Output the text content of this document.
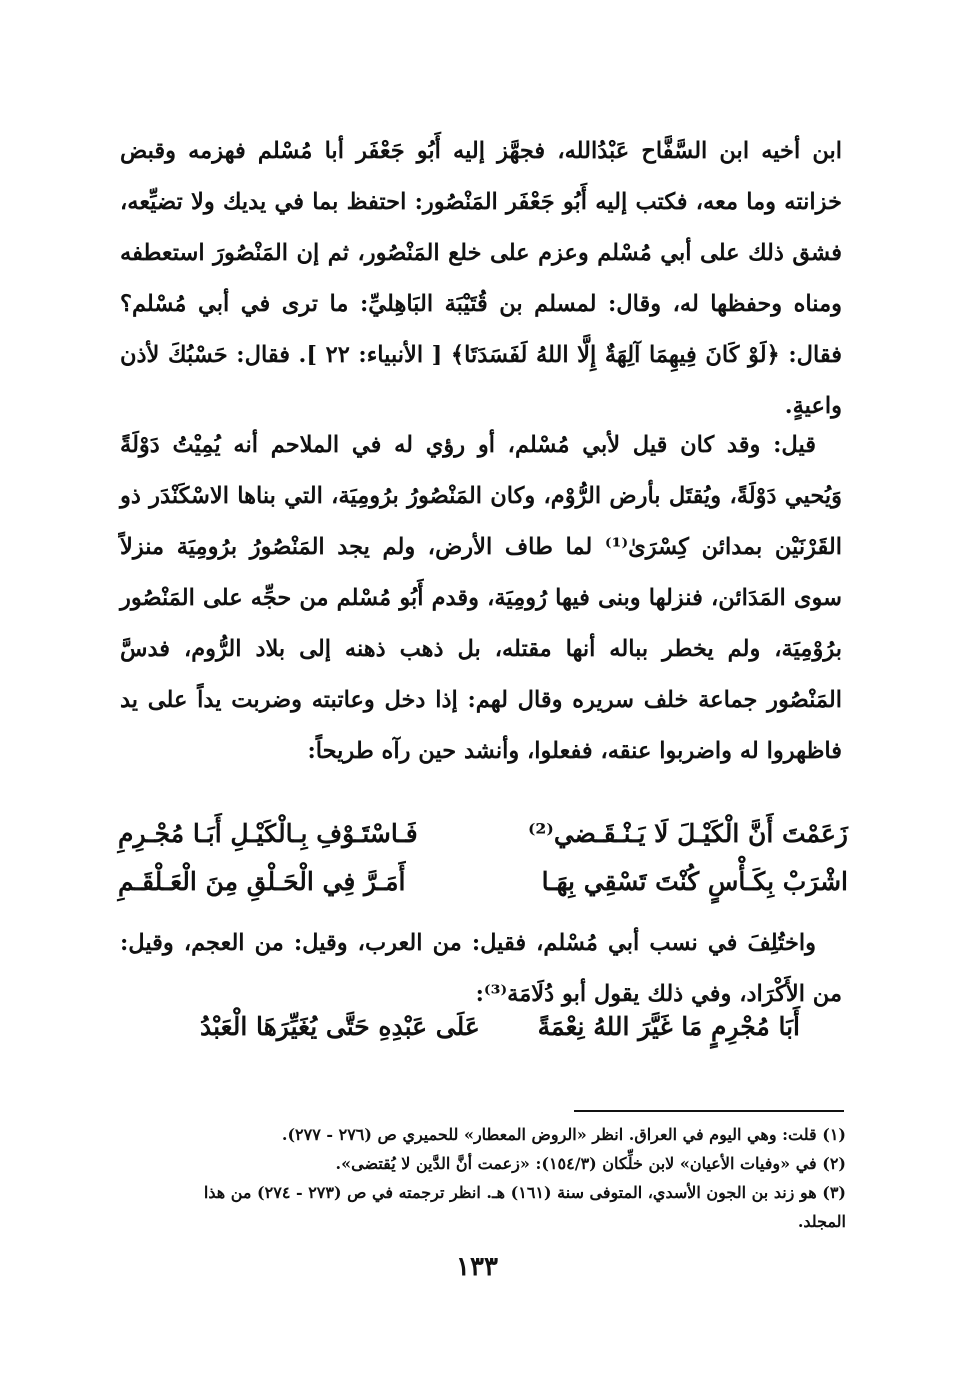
ابن أخيه ابن السَّفَّاح عَبْدُالله، فجهَّز إليه أَبُو جَعْفَر أبا مُسْلم فهزمه وقبض خزانته وما معه، فكتب إليه أَبُو جَعْفَر المَنْصُور: احتفظ بما في يديك ولا تضيِّعه، فشق ذلك على أبي مُسْلم وعزم على خلع المَنْصُور، ثم إن المَنْصُورَ استعطفه ومناه وحفظها له، وقال: لمسلم بن قُتَيْبَة البَاهِليِّ: ما ترى في أبي مُسْلم؟ فقال: ﴿لَوْ كَانَ فِيهِمَا آلِهَةٌ إِلَّا اللهُ لَفَسَدَتَا﴾ [ الأنبياء: ٢٢ ]. فقال: حَسْبُكَ لأذن واعيةٍ.
قيل: وقد كان قيل لأبي مُسْلم، أو رؤي له في الملاحم أنه يُمِيْتُ دَوْلَةً وَيُحيي دَوْلَةً، ويُقتَل بأرض الرُّوْم، وكان المَنْصُورُ برُومِيَة، التي بناها الاسْكَنْدَر ذو القَرْنَيْن بمدائن كِسْرَىٰ⁽¹⁾ لما طاف الأرض، ولم يجد المَنْصُورُ برُومِيَة منزلاً سوى المَدَائن، فنزلها وبنى فيها رُومِيَة، وقدم أَبُو مُسْلم من حجِّه على المَنْصُور برُوْمِيَة، ولم يخطر بباله أنها مقتله، بل ذهب ذهنه إلى بلاد الرُّوم، فدسَّ المَنْصُور جماعة خلف سريره وقال لهم: إذا دخل وعاتبته وضربت يداً على يد فاظهروا له واضربوا عنقه، ففعلوا، وأنشد حين رآه طريحاً:
زَعَمْتَ أَنَّ الْكَيْـلَ لَا يَـنْـقَـضي⁽²⁾
فَـاسْتَـوْفِ بِـالْكَيْـلِ أَبَـا مُجْـرِمِ
اشْرَبْ بِكَـأْسٍ كُنْتَ تَسْقِي بِهَـا
أَمَـرَّ فِي الْحَـلْقِ مِنَ الْعَـلْقَـمِ
واختُلِفَ في نسب أبي مُسْلم، فقيل: من العرب، وقيل: من العجم، وقيل: من الأَكْرَاد، وفي ذلك يقول أبو دُلَامَة⁽³⁾:
أَبَا مُجْرِمٍ مَا غَيَّرَ اللهُ نِعْمَةً
عَلَى عَبْدِهِ حَتَّى يُغَيِّرَهَا الْعَبْدُ
(١) قلت: وهي اليوم في العراق. انظر «الروض المعطار» للحميري ص (٢٧٦ - ٢٧٧).
(٢) في «وفيات الأعيان» لابن خلِّكان (١٥٤/٣): «زعمت أنَّ الدَّين لا يُقتضى».
(٣) هو زند بن الجون الأسدي، المتوفى سنة (١٦١) هـ. انظر ترجمته في ص (٢٧٣ - ٢٧٤) من هذا
المجلد.
١٣٣
